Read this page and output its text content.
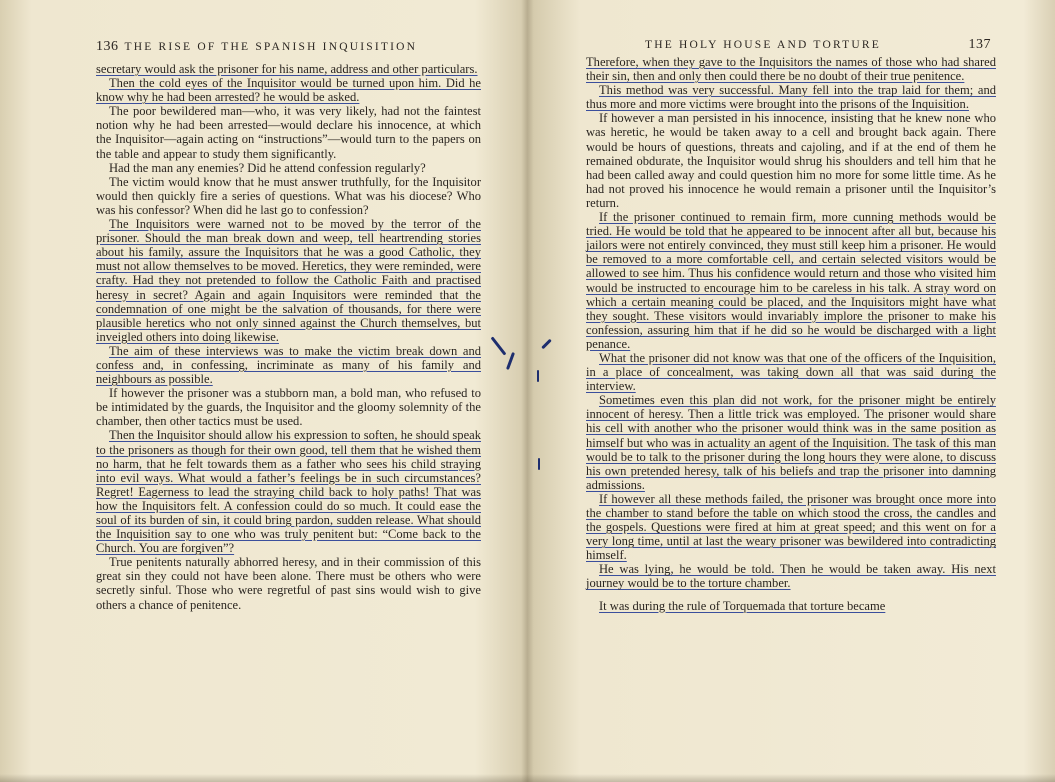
136 THE RISE OF THE SPANISH INQUISITION

secretary would ask the prisoner for his name, address and other particulars.

Then the cold eyes of the Inquisitor would be turned upon him. Did he know why he had been arrested? he would be asked.

The poor bewildered man—who, it was very likely, had not the faintest notion why he had been arrested—would declare his innocence, at which the Inquisitor—again acting on “instructions”—would turn to the papers on the table and appear to study them significantly.

Had the man any enemies? Did he attend confession regularly?

The victim would know that he must answer truthfully, for the Inquisitor would then quickly fire a series of questions. What was his diocese? Who was his confessor? When did he last go to confession?

The Inquisitors were warned not to be moved by the terror of the prisoner. Should the man break down and weep, tell heartrending stories about his family, assure the Inquisitors that he was a good Catholic, they must not allow themselves to be moved. Heretics, they were reminded, were crafty. Had they not pretended to follow the Catholic Faith and practised heresy in secret? Again and again Inquisitors were reminded that the condemnation of one might be the salvation of thousands, for there were plausible heretics who not only sinned against the Church themselves, but inveigled others into doing likewise.

The aim of these interviews was to make the victim break down and confess and, in confessing, incriminate as many of his family and neighbours as possible.

If however the prisoner was a stubborn man, a bold man, who refused to be intimidated by the guards, the Inquisitor and the gloomy solemnity of the chamber, then other tactics must be used.

Then the Inquisitor should allow his expression to soften, he should speak to the prisoners as though for their own good, tell them that he wished them no harm, that he felt towards them as a father who sees his child straying into evil ways. What would a father’s feelings be in such circumstances? Regret! Eagerness to lead the straying child back to holy paths! That was how the Inquisitors felt. A confession could do so much. It could ease the soul of its burden of sin, it could bring pardon, sudden release. What should the Inquisition say to one who was truly penitent but: “Come back to the Church. You are forgiven”?

True penitents naturally abhorred heresy, and in their commission of this great sin they could not have been alone. There must be others who were secretly sinful. Those who were regretful of past sins would wish to give others a chance of penitence.

THE HOLY HOUSE AND TORTURE	137

Therefore, when they gave to the Inquisitors the names of those who had shared their sin, then and only then could there be no doubt of their true penitence.

This method was very successful. Many fell into the trap laid for them; and thus more and more victims were brought into the prisons of the Inquisition.

If however a man persisted in his innocence, insisting that he knew none who was heretic, he would be taken away to a cell and brought back again. There would be hours of questions, threats and cajoling, and if at the end of them he remained obdurate, the Inquisitor would shrug his shoulders and tell him that he had been called away and could question him no more for some little time. As he had not proved his innocence he would remain a prisoner until the Inquisitor’s return.

If the prisoner continued to remain firm, more cunning methods would be tried. He would be told that he appeared to be innocent after all but, because his jailors were not entirely convinced, they must still keep him a prisoner. He would be removed to a more comfortable cell, and certain selected visitors would be allowed to see him. Thus his confidence would return and those who visited him would be instructed to encourage him to be careless in his talk. A stray word on which a certain meaning could be placed, and the Inquisitors might have what they sought. These visitors would invariably implore the prisoner to make his confession, assuring him that if he did so he would be discharged with a light penance.

What the prisoner did not know was that one of the officers of the Inquisition, in a place of concealment, was taking down all that was said during the interview.

Sometimes even this plan did not work, for the prisoner might be entirely innocent of heresy. Then a little trick was employed. The prisoner would share his cell with another who the prisoner would think was in the same position as himself but who was in actuality an agent of the Inquisition. The task of this man would be to talk to the prisoner during the long hours they were alone, to discuss his own pretended heresy, talk of his beliefs and trap the prisoner into damning admissions.

If however all these methods failed, the prisoner was brought once more into the chamber to stand before the table on which stood the cross, the candles and the gospels. Questions were fired at him at great speed; and this went on for a very long time, until at last the weary prisoner was bewildered into contradicting himself.

He was lying, he would be told. Then he would be taken away. His next journey would be to the torture chamber.

It was during the rule of Torquemada that torture became
